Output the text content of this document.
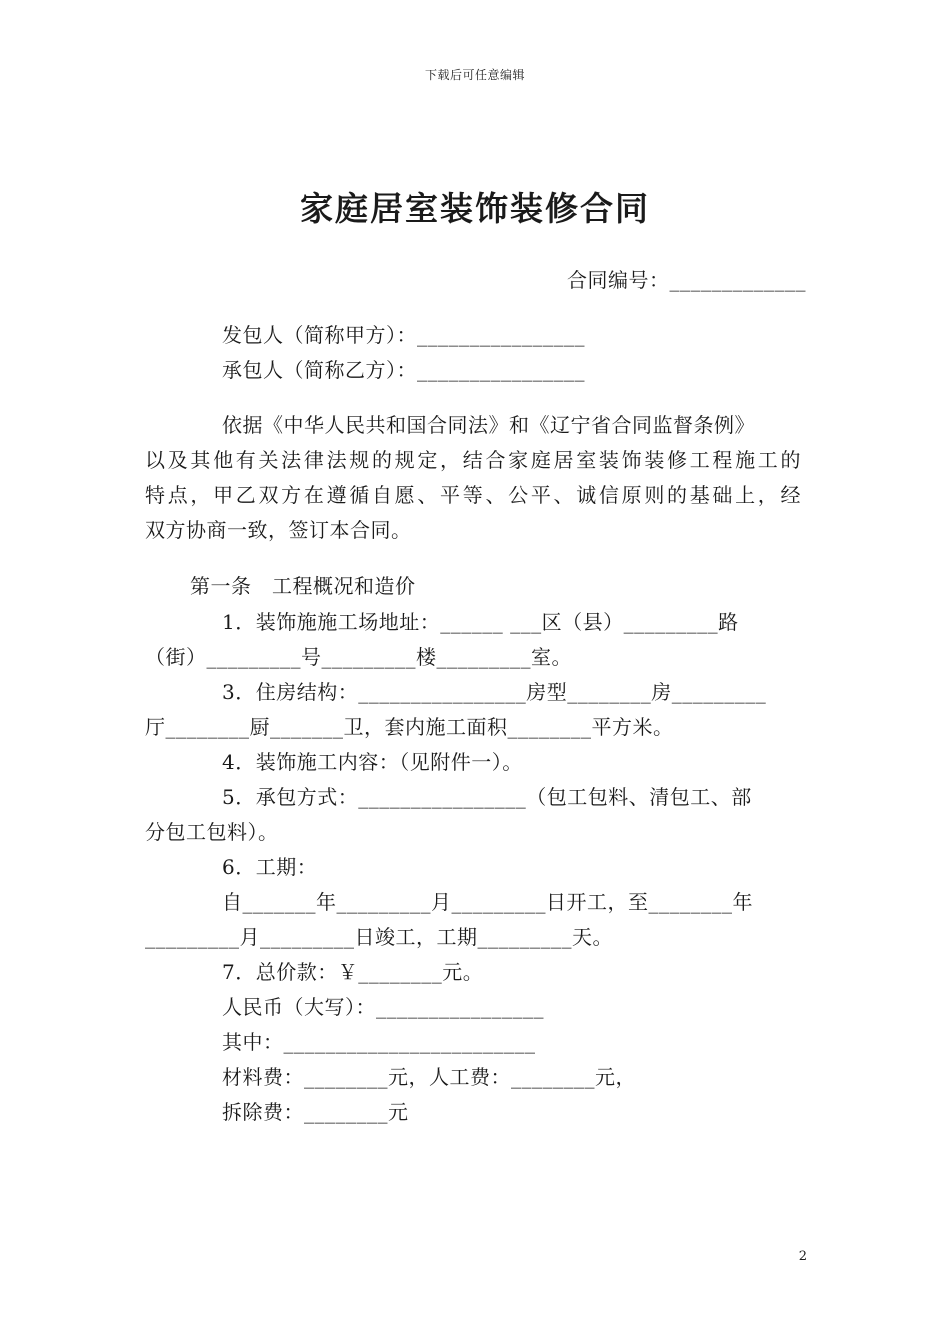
下载后可任意编辑
家庭居室装饰装修合同
合同编号：_____________
发包人（简称甲方）：________________
承包人（简称乙方）：________________
依据《中华人民共和国合同法》和《辽宁省合同监督条例》
以及其他有关法律法规的规定，结合家庭居室装饰装修工程施工的
特点，甲乙双方在遵循自愿、平等、公平、诚信原则的基础上，经
双方协商一致，签订本合同。
第一条　工程概况和造价
1．装饰施施工场地址：______ ___区（县）_________路
（街）_________号_________楼_________室。
3．住房结构：________________房型________房_________
厅________厨_______卫，套内施工面积________平方米。
4．装饰施工内容：（见附件一）。
5．承包方式：________________（包工包料、清包工、部
分包工包料）。
6．工期：
自_______年_________月_________日开工，至________年
_________月_________日竣工，工期_________天。
7．总价款：￥________元。
人民币（大写）：________________
其中：________________________
材料费：________元，人工费：________元，
拆除费：________元
2
